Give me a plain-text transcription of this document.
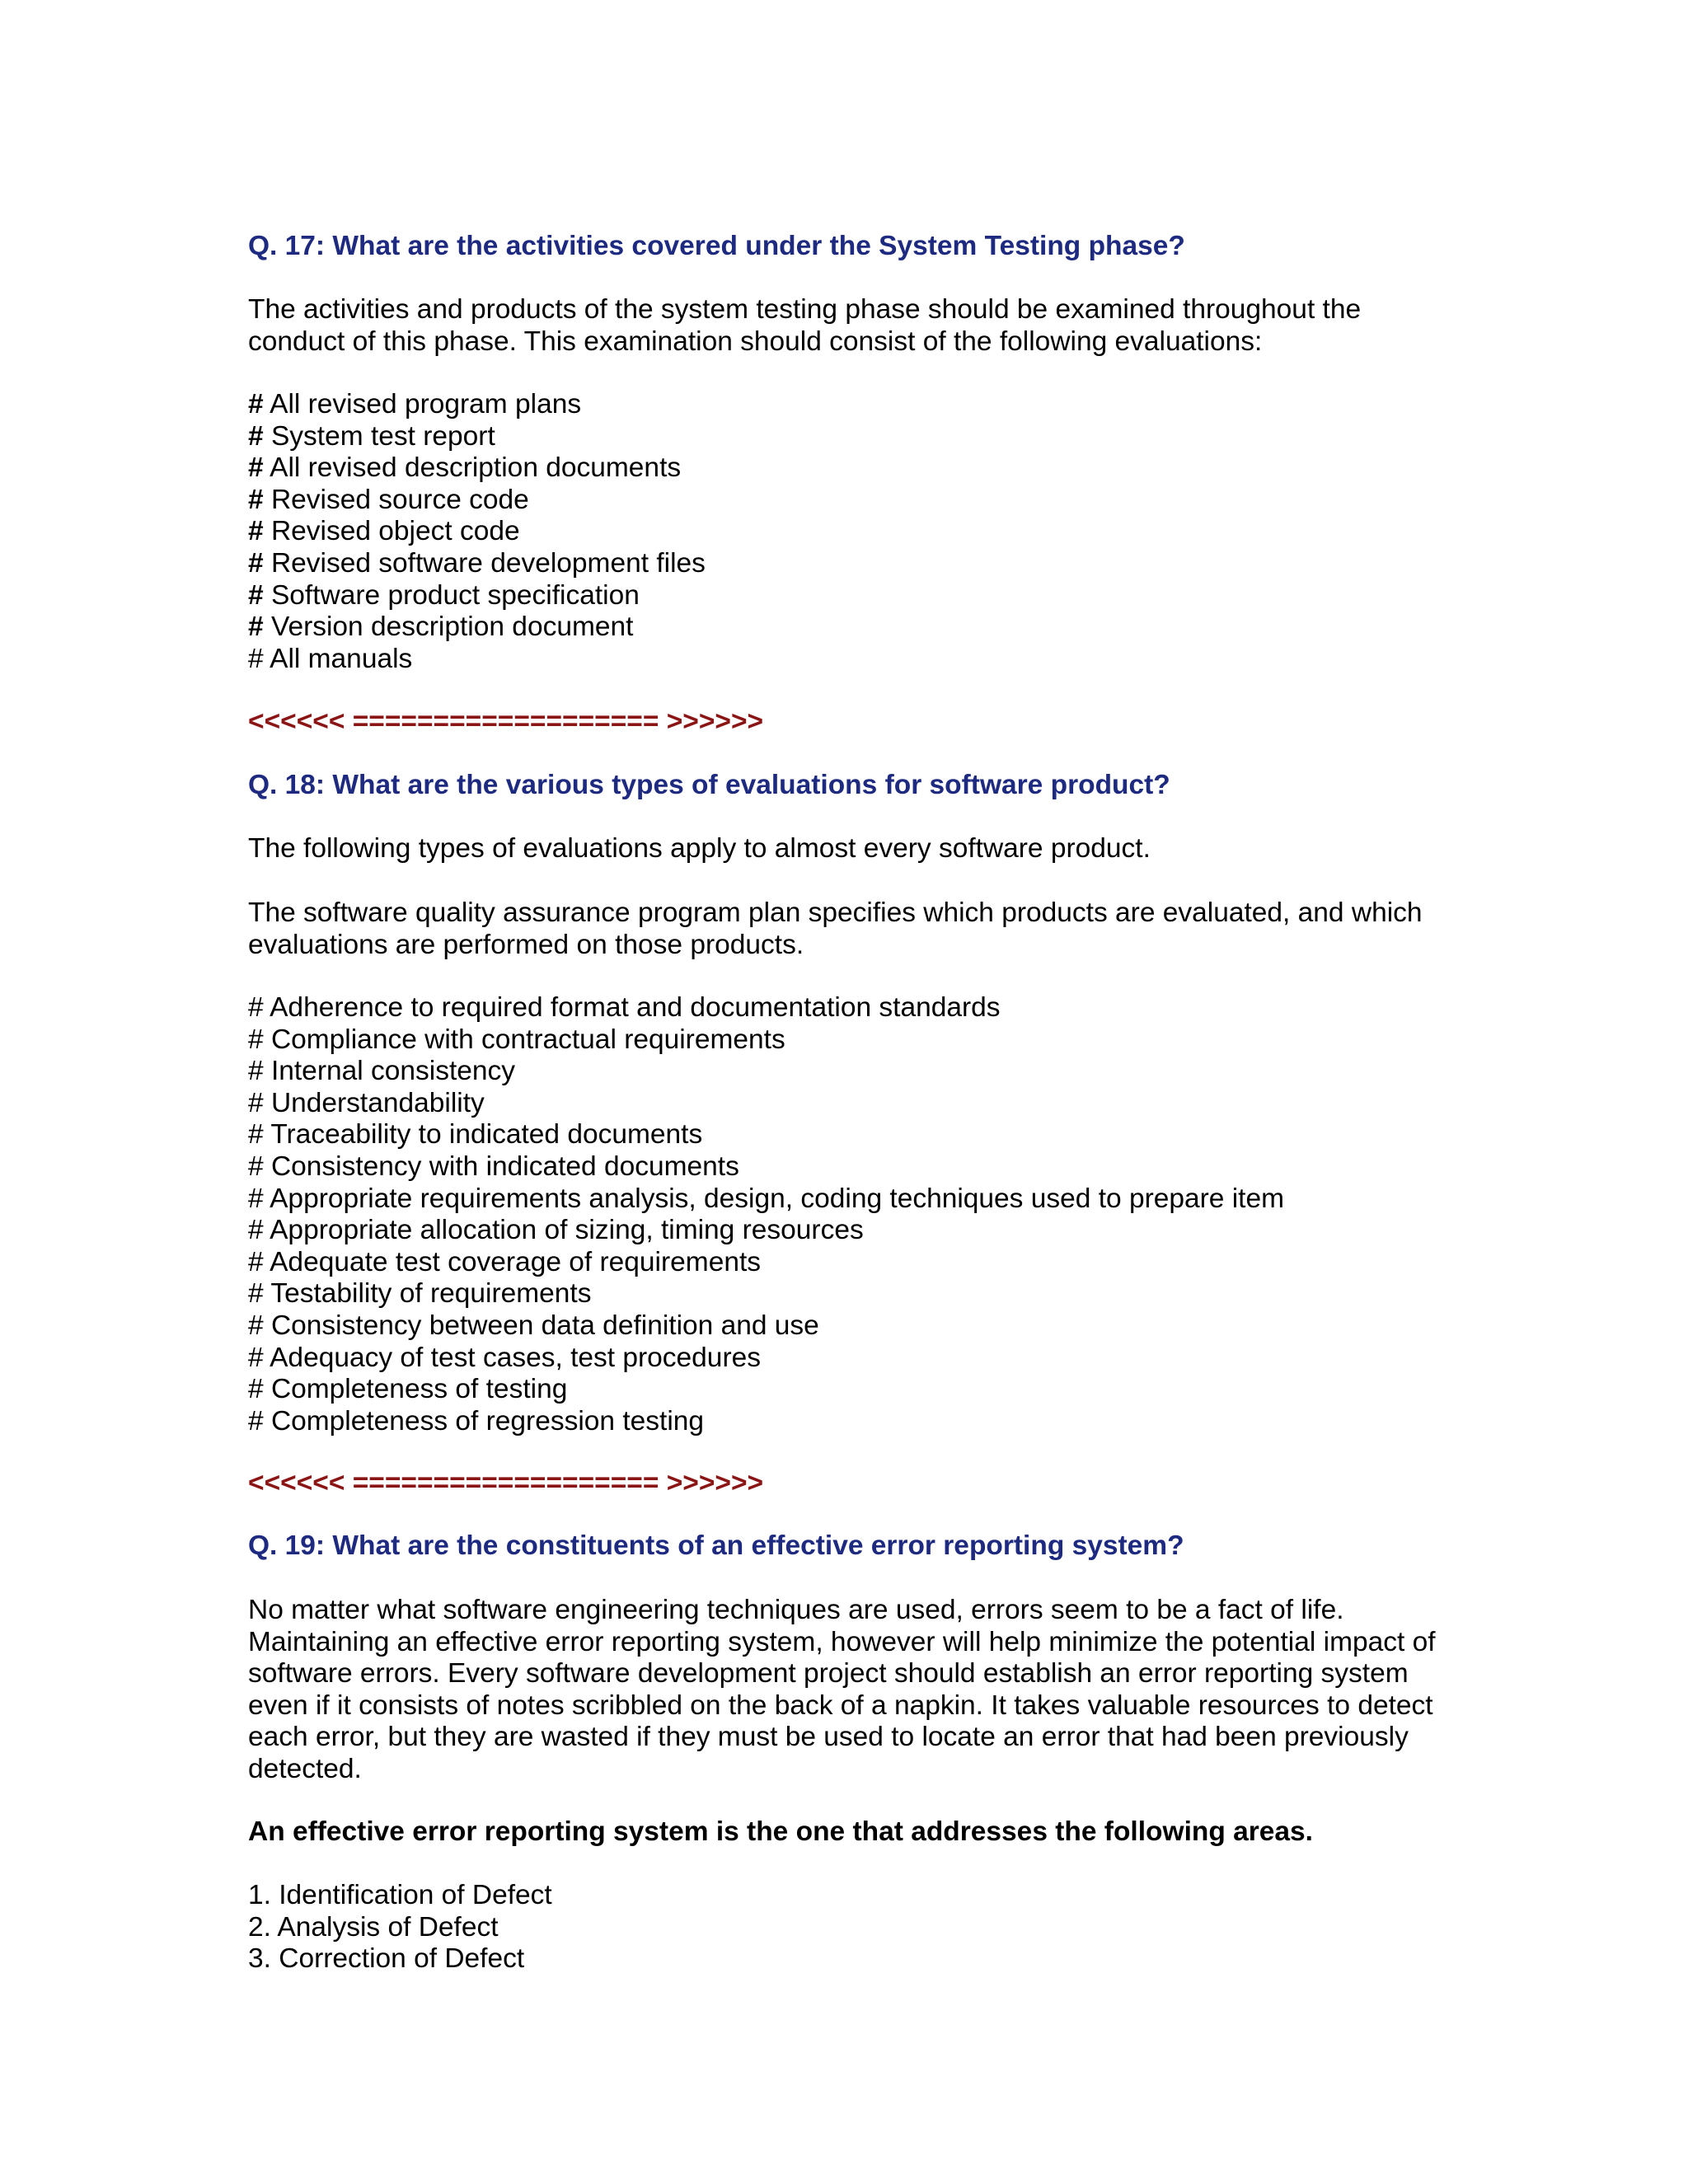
Q. 17: What are the activities covered under the System Testing phase?
The activities and products of the system testing phase should be examined throughout the
conduct of this phase. This examination should consist of the following evaluations:
# All revised program plans
# System test report
# All revised description documents
# Revised source code
# Revised object code
# Revised software development files
# Software product specification
# Version description document
# All manuals
<<<<<< =================== >>>>>>
Q. 18: What are the various types of evaluations for software product?
The following types of evaluations apply to almost every software product.
The software quality assurance program plan specifies which products are evaluated, and which
evaluations are performed on those products.
# Adherence to required format and documentation standards
# Compliance with contractual requirements
# Internal consistency
# Understandability
# Traceability to indicated documents
# Consistency with indicated documents
# Appropriate requirements analysis, design, coding techniques used to prepare item
# Appropriate allocation of sizing, timing resources
# Adequate test coverage of requirements
# Testability of requirements
# Consistency between data definition and use
# Adequacy of test cases, test procedures
# Completeness of testing
# Completeness of regression testing
<<<<<< =================== >>>>>>
Q. 19: What are the constituents of an effective error reporting system?
No matter what software engineering techniques are used, errors seem to be a fact of life.
Maintaining an effective error reporting system, however will help minimize the potential impact of
software errors. Every software development project should establish an error reporting system
even if it consists of notes scribbled on the back of a napkin. It takes valuable resources to detect
each error, but they are wasted if they must be used to locate an error that had been previously
detected.
An effective error reporting system is the one that addresses the following areas.
1. Identification of Defect
2. Analysis of Defect
3. Correction of Defect
